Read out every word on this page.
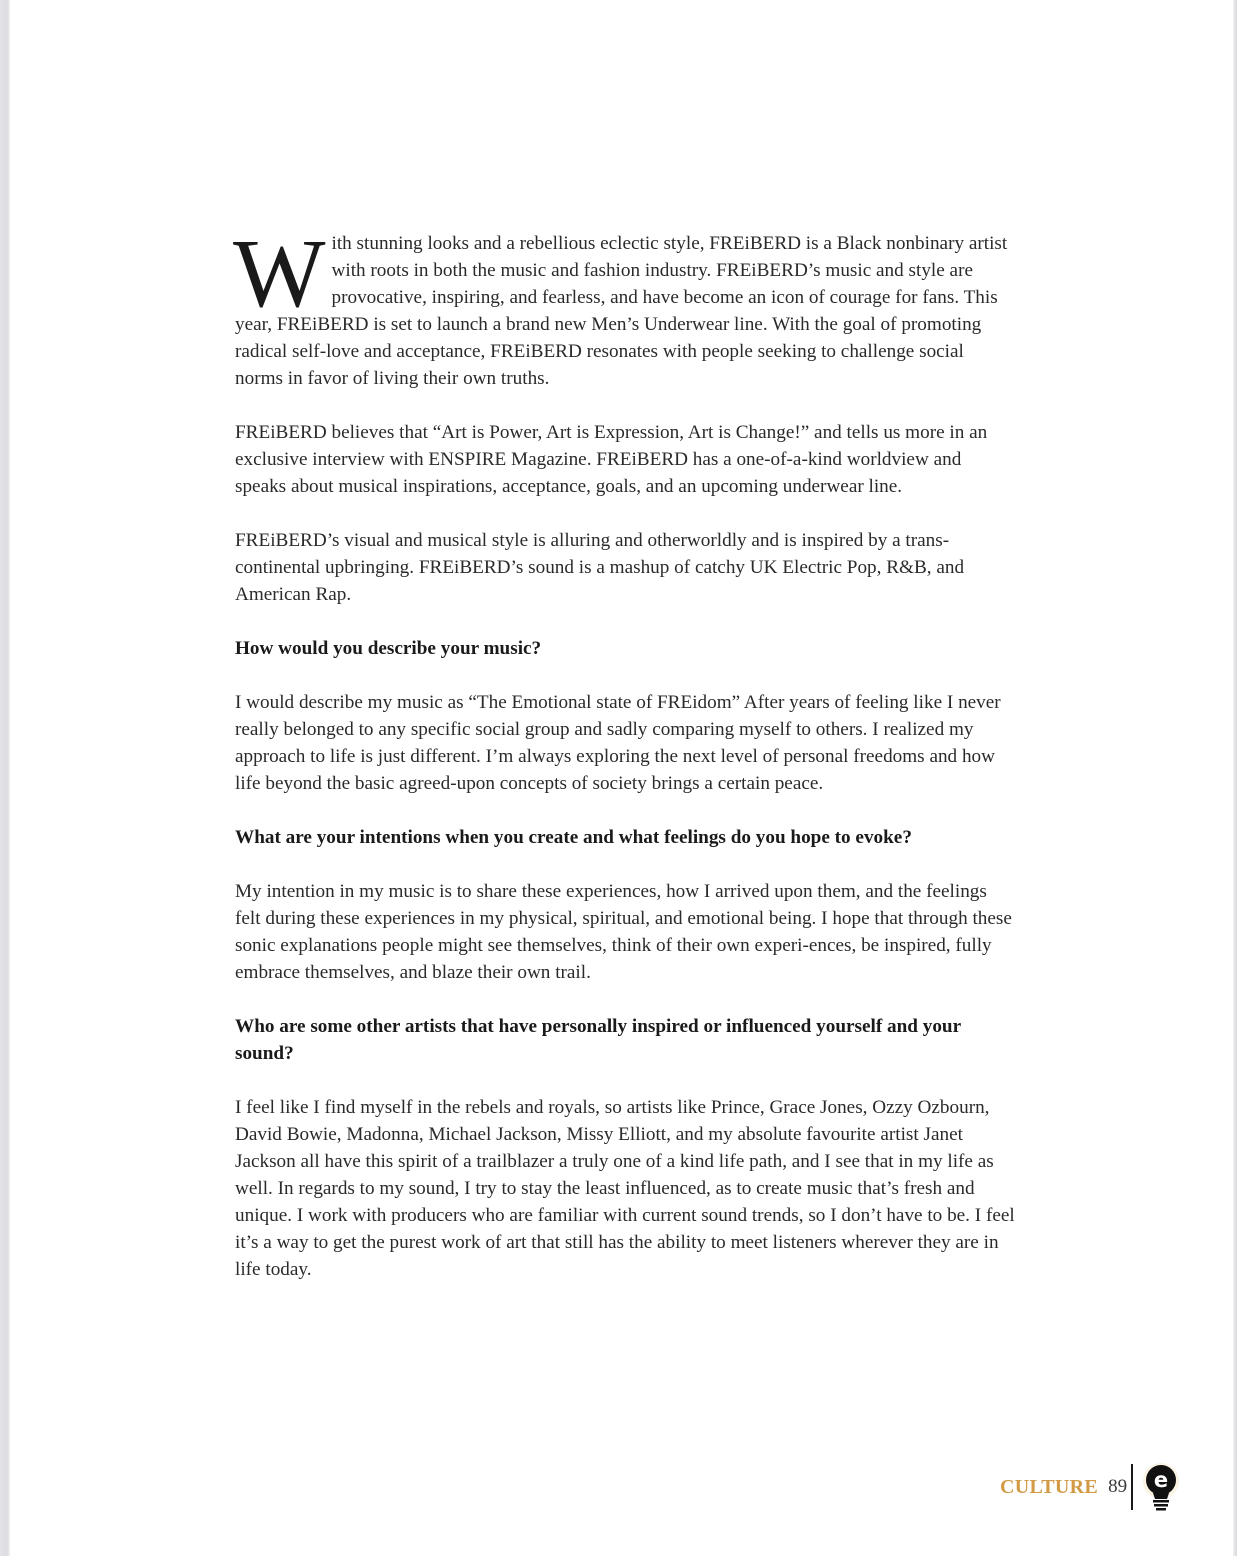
With stunning looks and a rebellious eclectic style, FREiBERD is a Black nonbinary artist with roots in both the music and fashion industry. FREiBERD’s music and style are provocative, inspiring, and fearless, and have become an icon of courage for fans. This year, FREiBERD is set to launch a brand new Men’s Underwear line. With the goal of promoting radical self-love and acceptance, FREiBERD resonates with people seeking to challenge social norms in favor of living their own truths.

FREiBERD believes that “Art is Power, Art is Expression, Art is Change!” and tells us more in an exclusive interview with ENSPIRE Magazine. FREiBERD has a one-of-a-kind worldview and speaks about musical inspirations, acceptance, goals, and an upcoming underwear line.

FREiBERD’s visual and musical style is alluring and otherworldly and is inspired by a trans-continental upbringing. FREiBERD’s sound is a mashup of catchy UK Electric Pop, R&B, and American Rap.

How would you describe your music?

I would describe my music as “The Emotional state of FREidom” After years of feeling like I never really belonged to any specific social group and sadly comparing myself to others. I realized my approach to life is just different. I’m always exploring the next level of personal freedoms and how life beyond the basic agreed-upon concepts of society brings a certain peace.

What are your intentions when you create and what feelings do you hope to evoke?

My intention in my music is to share these experiences, how I arrived upon them, and the feelings felt during these experiences in my physical, spiritual, and emotional being. I hope that through these sonic explanations people might see themselves, think of their own experi-ences, be inspired, fully embrace themselves, and blaze their own trail.

Who are some other artists that have personally inspired or influenced yourself and your sound?

I feel like I find myself in the rebels and royals, so artists like Prince, Grace Jones, Ozzy Ozbourn, David Bowie, Madonna, Michael Jackson, Missy Elliott, and my absolute favourite artist Janet Jackson all have this spirit of a trailblazer a truly one of a kind life path, and I see that in my life as well. In regards to my sound, I try to stay the least influenced, as to create music that’s fresh and unique. I work with producers who are familiar with current sound trends, so I don’t have to be. I feel it’s a way to get the purest work of art that still has the ability to meet listeners wherever they are in life today.

CULTURE 89 e
